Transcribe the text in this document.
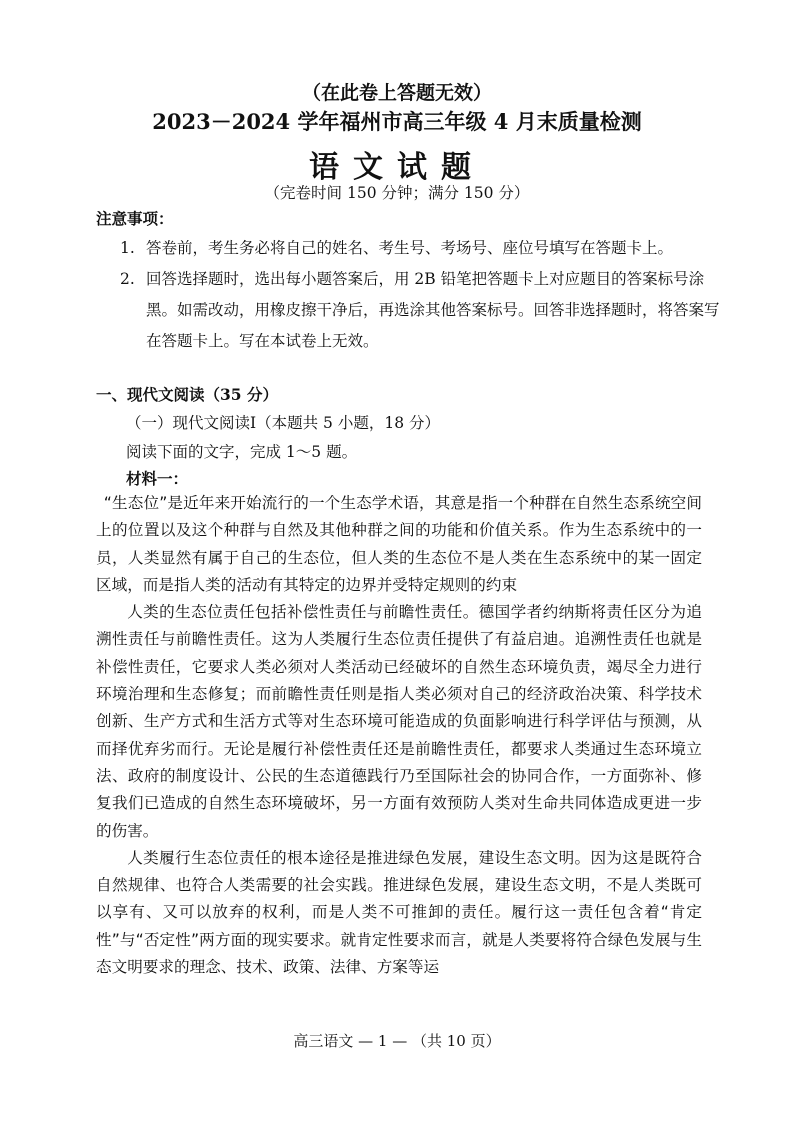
（在此卷上答题无效）
2023－2024 学年福州市高三年级 4 月末质量检测
语文试题
（完卷时间 150 分钟；满分 150 分）
注意事项：
1. 答卷前，考生务必将自己的姓名、考生号、考场号、座位号填写在答题卡上。
2. 回答选择题时，选出每小题答案后，用 2B 铅笔把答题卡上对应题目的答案标号涂黑。如需改动，用橡皮擦干净后，再选涂其他答案标号。回答非选择题时，将答案写在答题卡上。写在本试卷上无效。
一、现代文阅读（35 分）
（一）现代文阅读Ⅰ（本题共 5 小题，18 分）
阅读下面的文字，完成 1～5 题。
材料一：

“生态位”是近年来开始流行的一个生态学术语，其意是指一个种群在自然生态系统空间上的位置以及这个种群与自然及其他种群之间的功能和价值关系。作为生态系统中的一员，人类显然有属于自己的生态位，但人类的生态位不是人类在生态系统中的某一固定区域，而是指人类的活动有其特定的边界并受特定规则的约束

人类的生态位责任包括补偿性责任与前瞻性责任。德国学者约纳斯将责任区分为追溯性责任与前瞻性责任。这为人类履行生态位责任提供了有益启迪。追溯性责任也就是补偿性责任，它要求人类必须对人类活动已经破坏的自然生态环境负责，竭尽全力进行环境治理和生态修复；而前瞻性责任则是指人类必须对自己的经济政治决策、科学技术创新、生产方式和生活方式等对生态环境可能造成的负面影响进行科学评估与预测，从而择优弃劣而行。无论是履行补偿性责任还是前瞻性责任，都要求人类通过生态环境立法、政府的制度设计、公民的生态道德践行乃至国际社会的协同合作，一方面弥补、修复我们已造成的自然生态环境破坏，另一方面有效预防人类对生命共同体造成更进一步的伤害。

人类履行生态位责任的根本途径是推进绿色发展，建设生态文明。因为这是既符合自然规律、也符合人类需要的社会实践。推进绿色发展，建设生态文明，不是人类既可以享有、又可以放弃的权利，而是人类不可推卸的责任。履行这一责任包含着“肯定性”与“否定性”两方面的现实要求。就肯定性要求而言，就是人类要将符合绿色发展与生态文明要求的理念、技术、政策、法律、方案等运

高三语文 — 1 — （共 10 页）
